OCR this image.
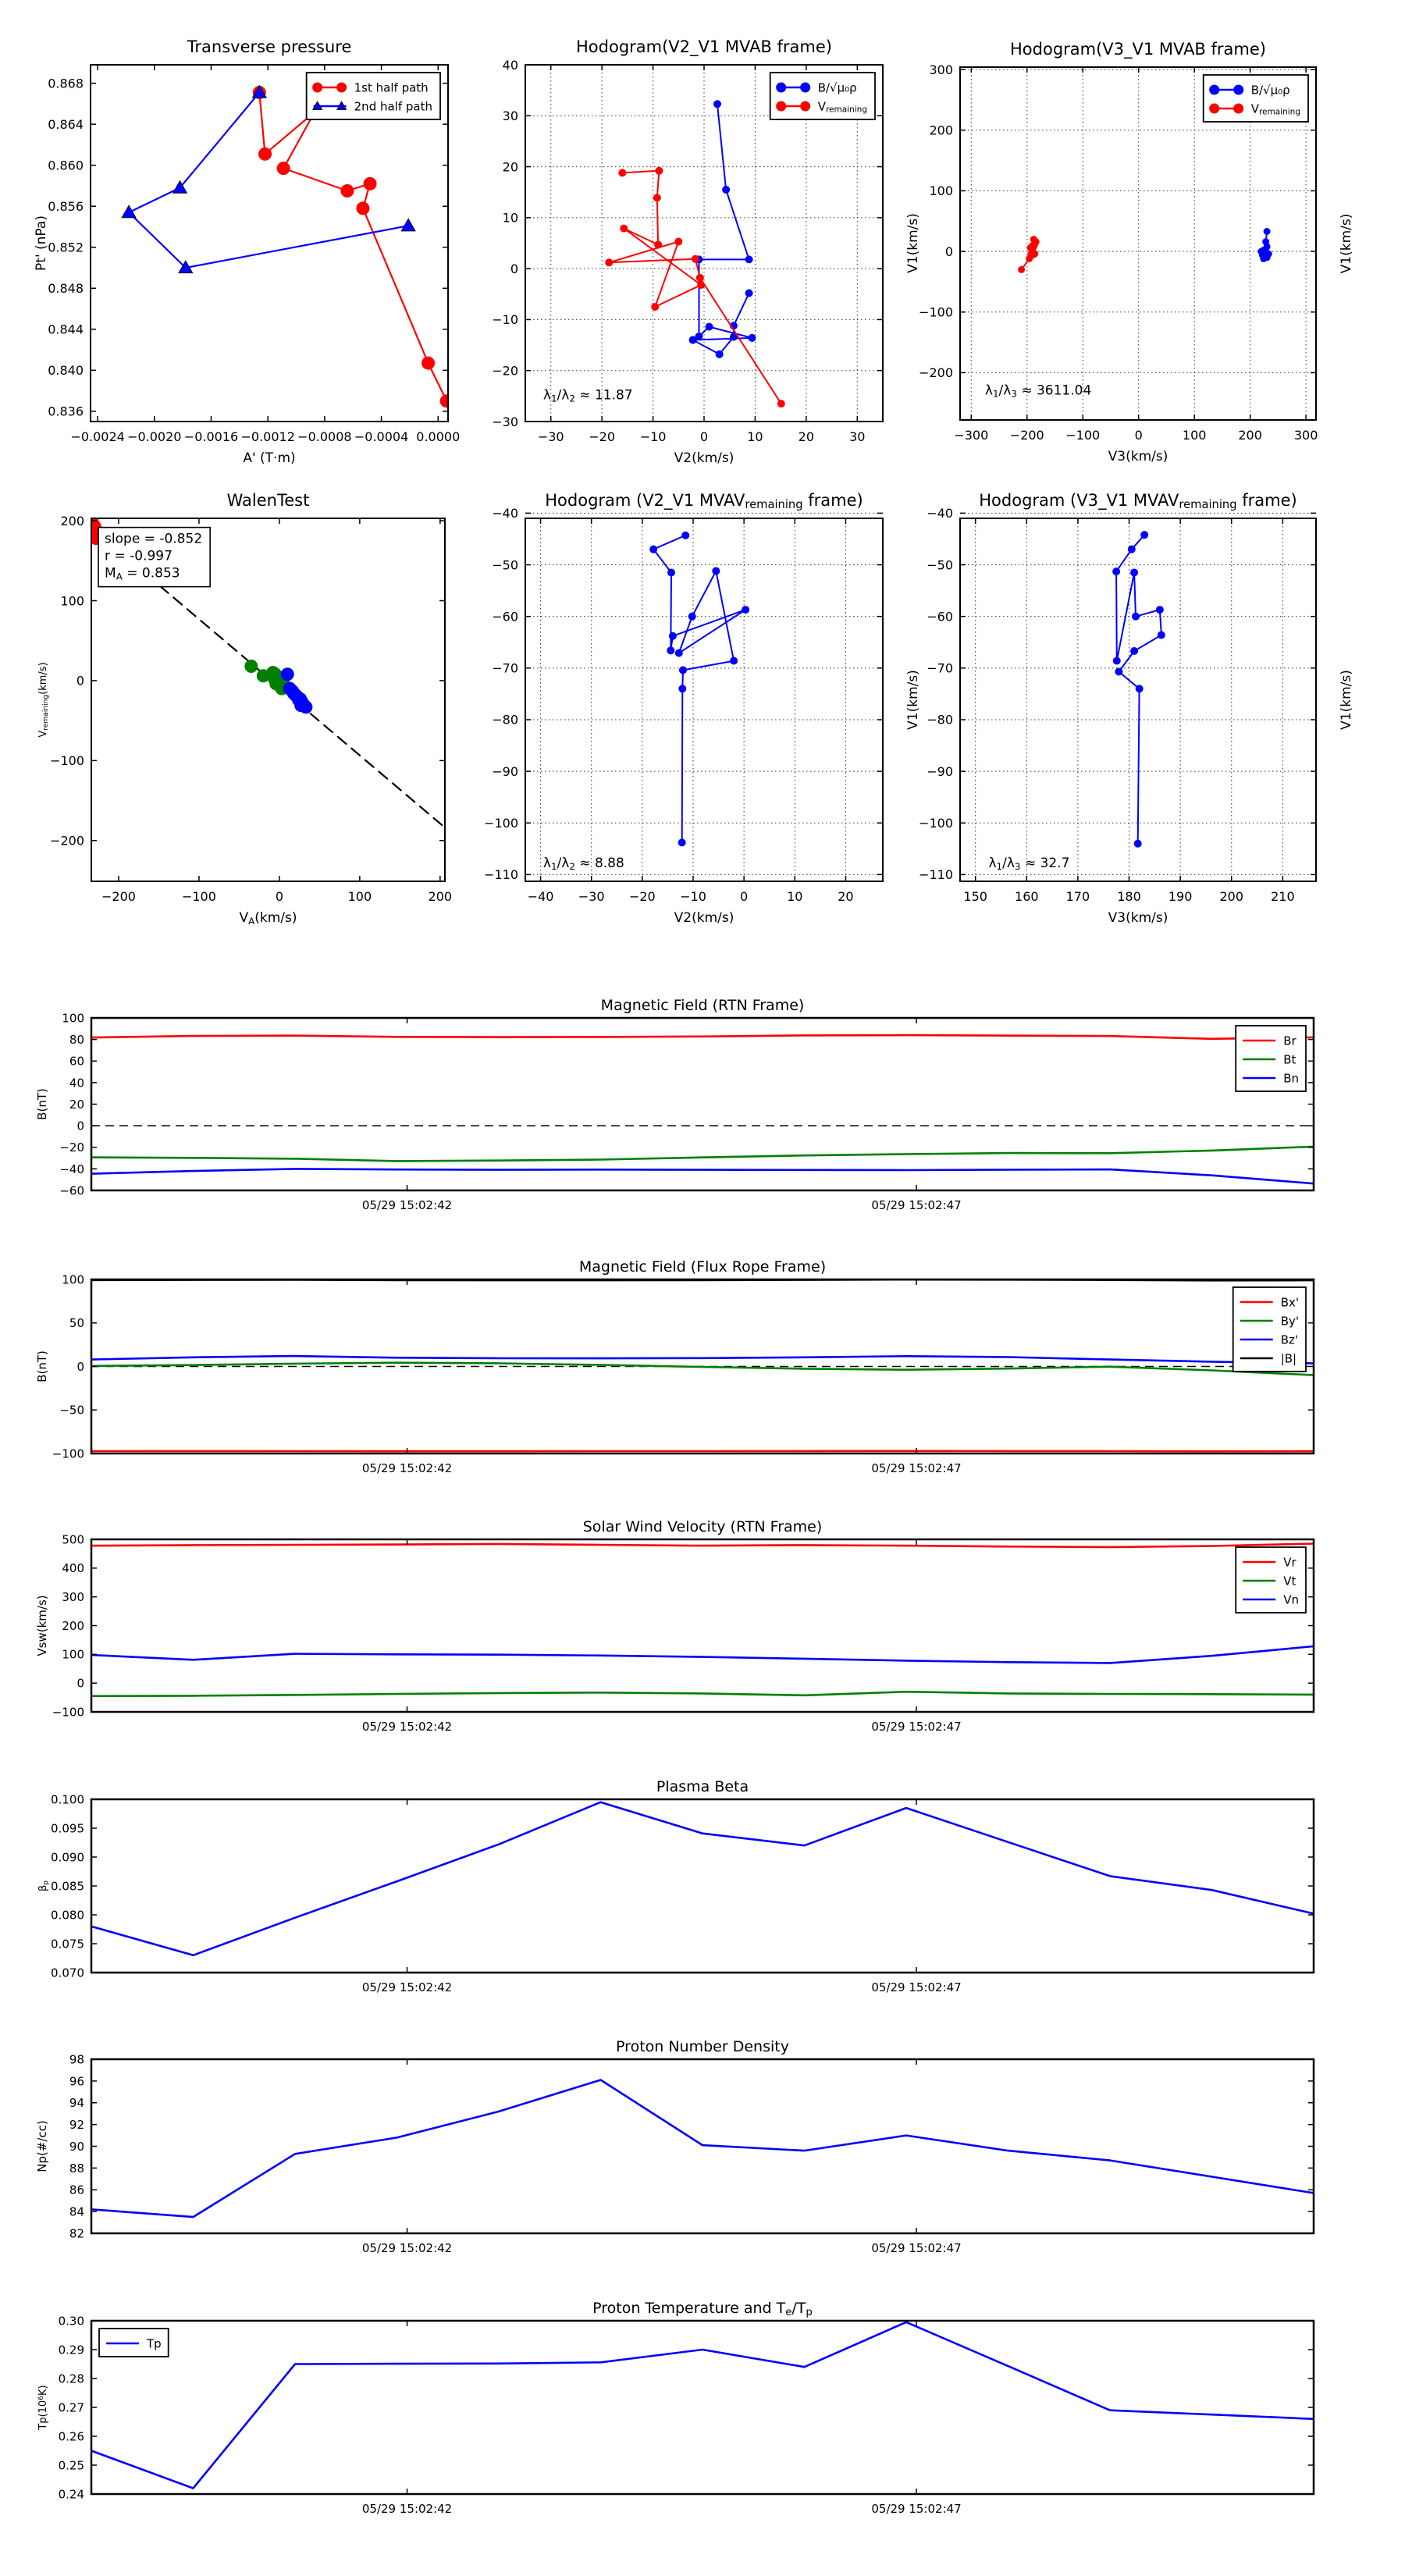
−0.0024 −0.0020 −0.0016 −0.0012 −0.0008 −0.0004 0.0000
0.836
0.840
0.844
0.848
0.852
0.856
0.860
0.864
0.868
Transverse pressure
A' (T·m)
Pt' (nPa)
1st half path
2nd half path
−30 −20 −10	0	10	20	30
−30
−20
−10
0
10
20
30
40
Hodogram(V2_V1 MVAB frame)
V2(km/s)
V1(km/s)
λ1/λ2 ≈ 11.87
B/√μ₀ρ
Vremaining
−300 −200 −100	0	100	200	300
−200
−100
0
100
200
300
Hodogram(V3_V1 MVAB frame)
V3(km/s)
V1(km/s)
λ1/λ3 ≈ 3611.04
B/√μ₀ρ
Vremaining
−200	−100	0	100	200
−200
−100
0
100
200
WalenTest
VA(km/s)
Vremaining(km/s)
slope = -0.852
r = -0.997
MA = 0.853
−40 −30 −20 −10	0	10	20
−110
−100
−90
−80
−70
−60
−50
−40
Hodogram (V2_V1 MVAVremaining frame)
V2(km/s)
V1(km/s)
λ1/λ2 ≈ 8.88
150 160 170 180 190 200 210
−110
−100
−90
−80
−70
−60
−50
−40
Hodogram (V3_V1 MVAVremaining frame)
V3(km/s)
V1(km/s)
λ1/λ3 ≈ 32.7
05/29 15:02:42	05/29 15:02:47
−60
−40
−20
0
20
40
60
80
100
Magnetic Field (RTN Frame)
B(nT)
Br
Bt
Bn
05/29 15:02:42	05/29 15:02:47
−100
−50
0
50
100
Magnetic Field (Flux Rope Frame)
B(nT)
Bx'
By'
Bz'
|B|
05/29 15:02:42	05/29 15:02:47
−100
0
100
200
300
400
500
Solar Wind Velocity (RTN Frame)
Vsw(km/s)
Vr
Vt
Vn
05/29 15:02:42	05/29 15:02:47
0.070
0.075
0.080
0.085
0.090
0.095
0.100
Plasma Beta
βp
05/29 15:02:42	05/29 15:02:47
82
84
86
88
90
92
94
96
98
Proton Number Density
Np(#/cc)
05/29 15:02:42	05/29 15:02:47
0.24
0.25
0.26
0.27
0.28
0.29
0.30
Proton Temperature and Te/Tp
Tp(106K)
Tp
